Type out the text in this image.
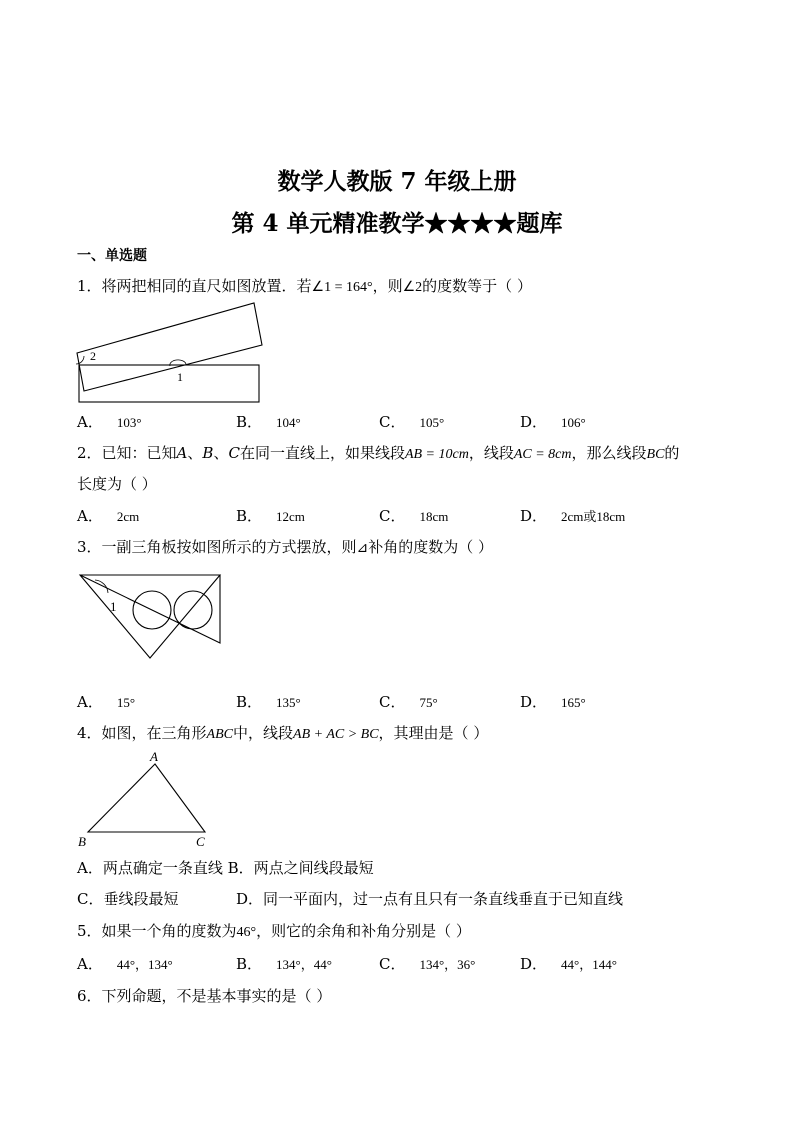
数学人教版 7 年级上册
第 4 单元精准教学★★★★题库
一、单选题
1．将两把相同的直尺如图放置．若∠1 = 164°，则∠2的度数等于（ ）
2
1
A． 103°	B． 104°	C． 105°	D． 106°
2．已知：已知A、B、C在同一直线上，如果线段AB = 10cm，线段AC = 8cm，那么线段BC的
长度为（ ）
A． 2cm	B． 12cm	C． 18cm	D． 2cm或18cm
3．一副三角板按如图所示的方式摆放，则⊿补角的度数为（ ）
1
A． 15°	B． 135°	C． 75°	D． 165°
4．如图，在三角形ABC中，线段AB + AC > BC，其理由是（ ）
A
B	C
A．两点确定一条直线 B．两点之间线段最短
C．垂线段最短	D．同一平面内，过一点有且只有一条直线垂直于已知直线
5．如果一个角的度数为46°，则它的余角和补角分别是（ ）
A． 44°，134°	B． 134°，44°	C． 134°，36°	D． 44°，144°
6．下列命题，不是基本事实的是（ ）
